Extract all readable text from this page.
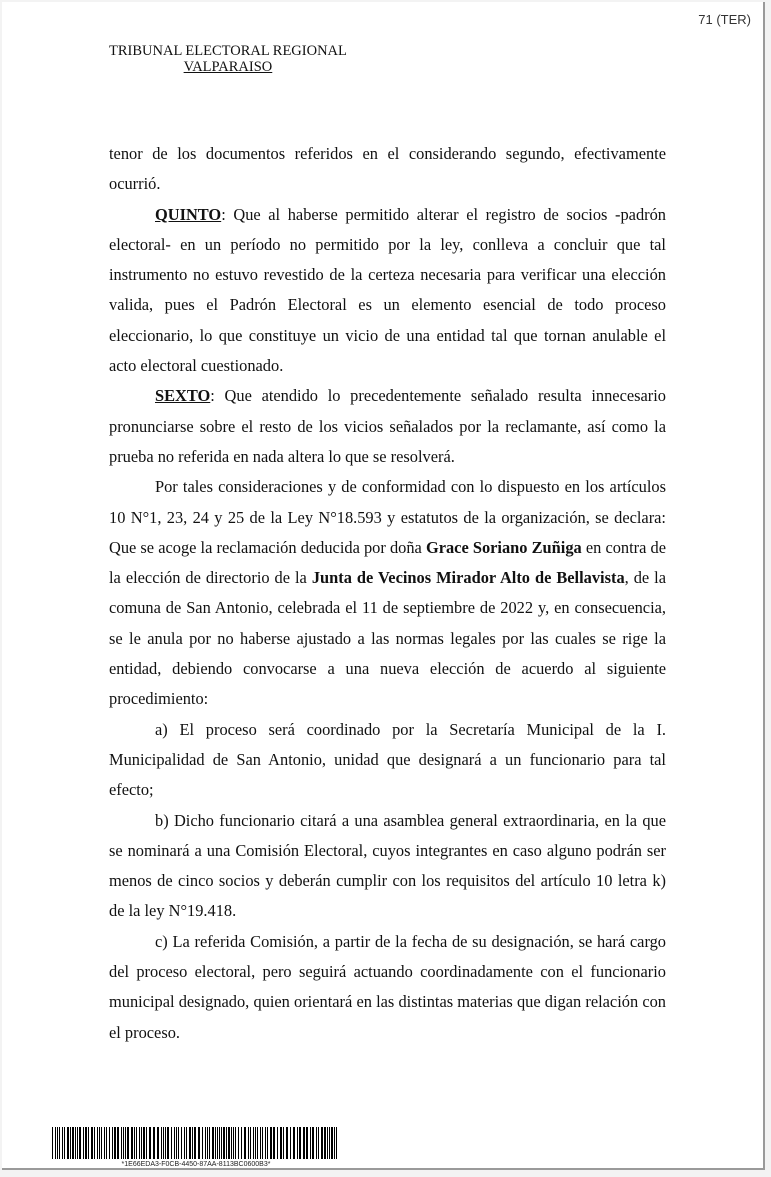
71 (TER)
TRIBUNAL ELECTORAL REGIONAL
VALPARAISO

tenor de los documentos referidos en el considerando segundo, efectivamente ocurrió.

QUINTO: Que al haberse permitido alterar el registro de socios -padrón electoral- en un período no permitido por la ley, conlleva a concluir que tal instrumento no estuvo revestido de la certeza necesaria para verificar una elección valida, pues el Padrón Electoral es un elemento esencial de todo proceso eleccionario, lo que constituye un vicio de una entidad tal que tornan anulable el acto electoral cuestionado.

SEXTO: Que atendido lo precedentemente señalado resulta innecesario pronunciarse sobre el resto de los vicios señalados por la reclamante, así como la prueba no referida en nada altera lo que se resolverá.

Por tales consideraciones y de conformidad con lo dispuesto en los artículos 10 N°1, 23, 24 y 25 de la Ley N°18.593 y estatutos de la organización, se declara: Que se acoge la reclamación deducida por doña Grace Soriano Zuñiga en contra de la elección de directorio de la Junta de Vecinos Mirador Alto de Bellavista, de la comuna de San Antonio, celebrada el 11 de septiembre de 2022 y, en consecuencia, se le anula por no haberse ajustado a las normas legales por las cuales se rige la entidad, debiendo convocarse a una nueva elección de acuerdo al siguiente procedimiento:

a) El proceso será coordinado por la Secretaría Municipal de la I. Municipalidad de San Antonio, unidad que designará a un funcionario para tal efecto;

b) Dicho funcionario citará a una asamblea general extraordinaria, en la que se nominará a una Comisión Electoral, cuyos integrantes en caso alguno podrán ser menos de cinco socios y deberán cumplir con los requisitos del artículo 10 letra k) de la ley N°19.418.

c) La referida Comisión, a partir de la fecha de su designación, se hará cargo del proceso electoral, pero seguirá actuando coordinadamente con el funcionario municipal designado, quien orientará en las distintas materias que digan relación con el proceso.

*1E66EDA3-F0CB-4450-87AA-8113BC0600B3*
